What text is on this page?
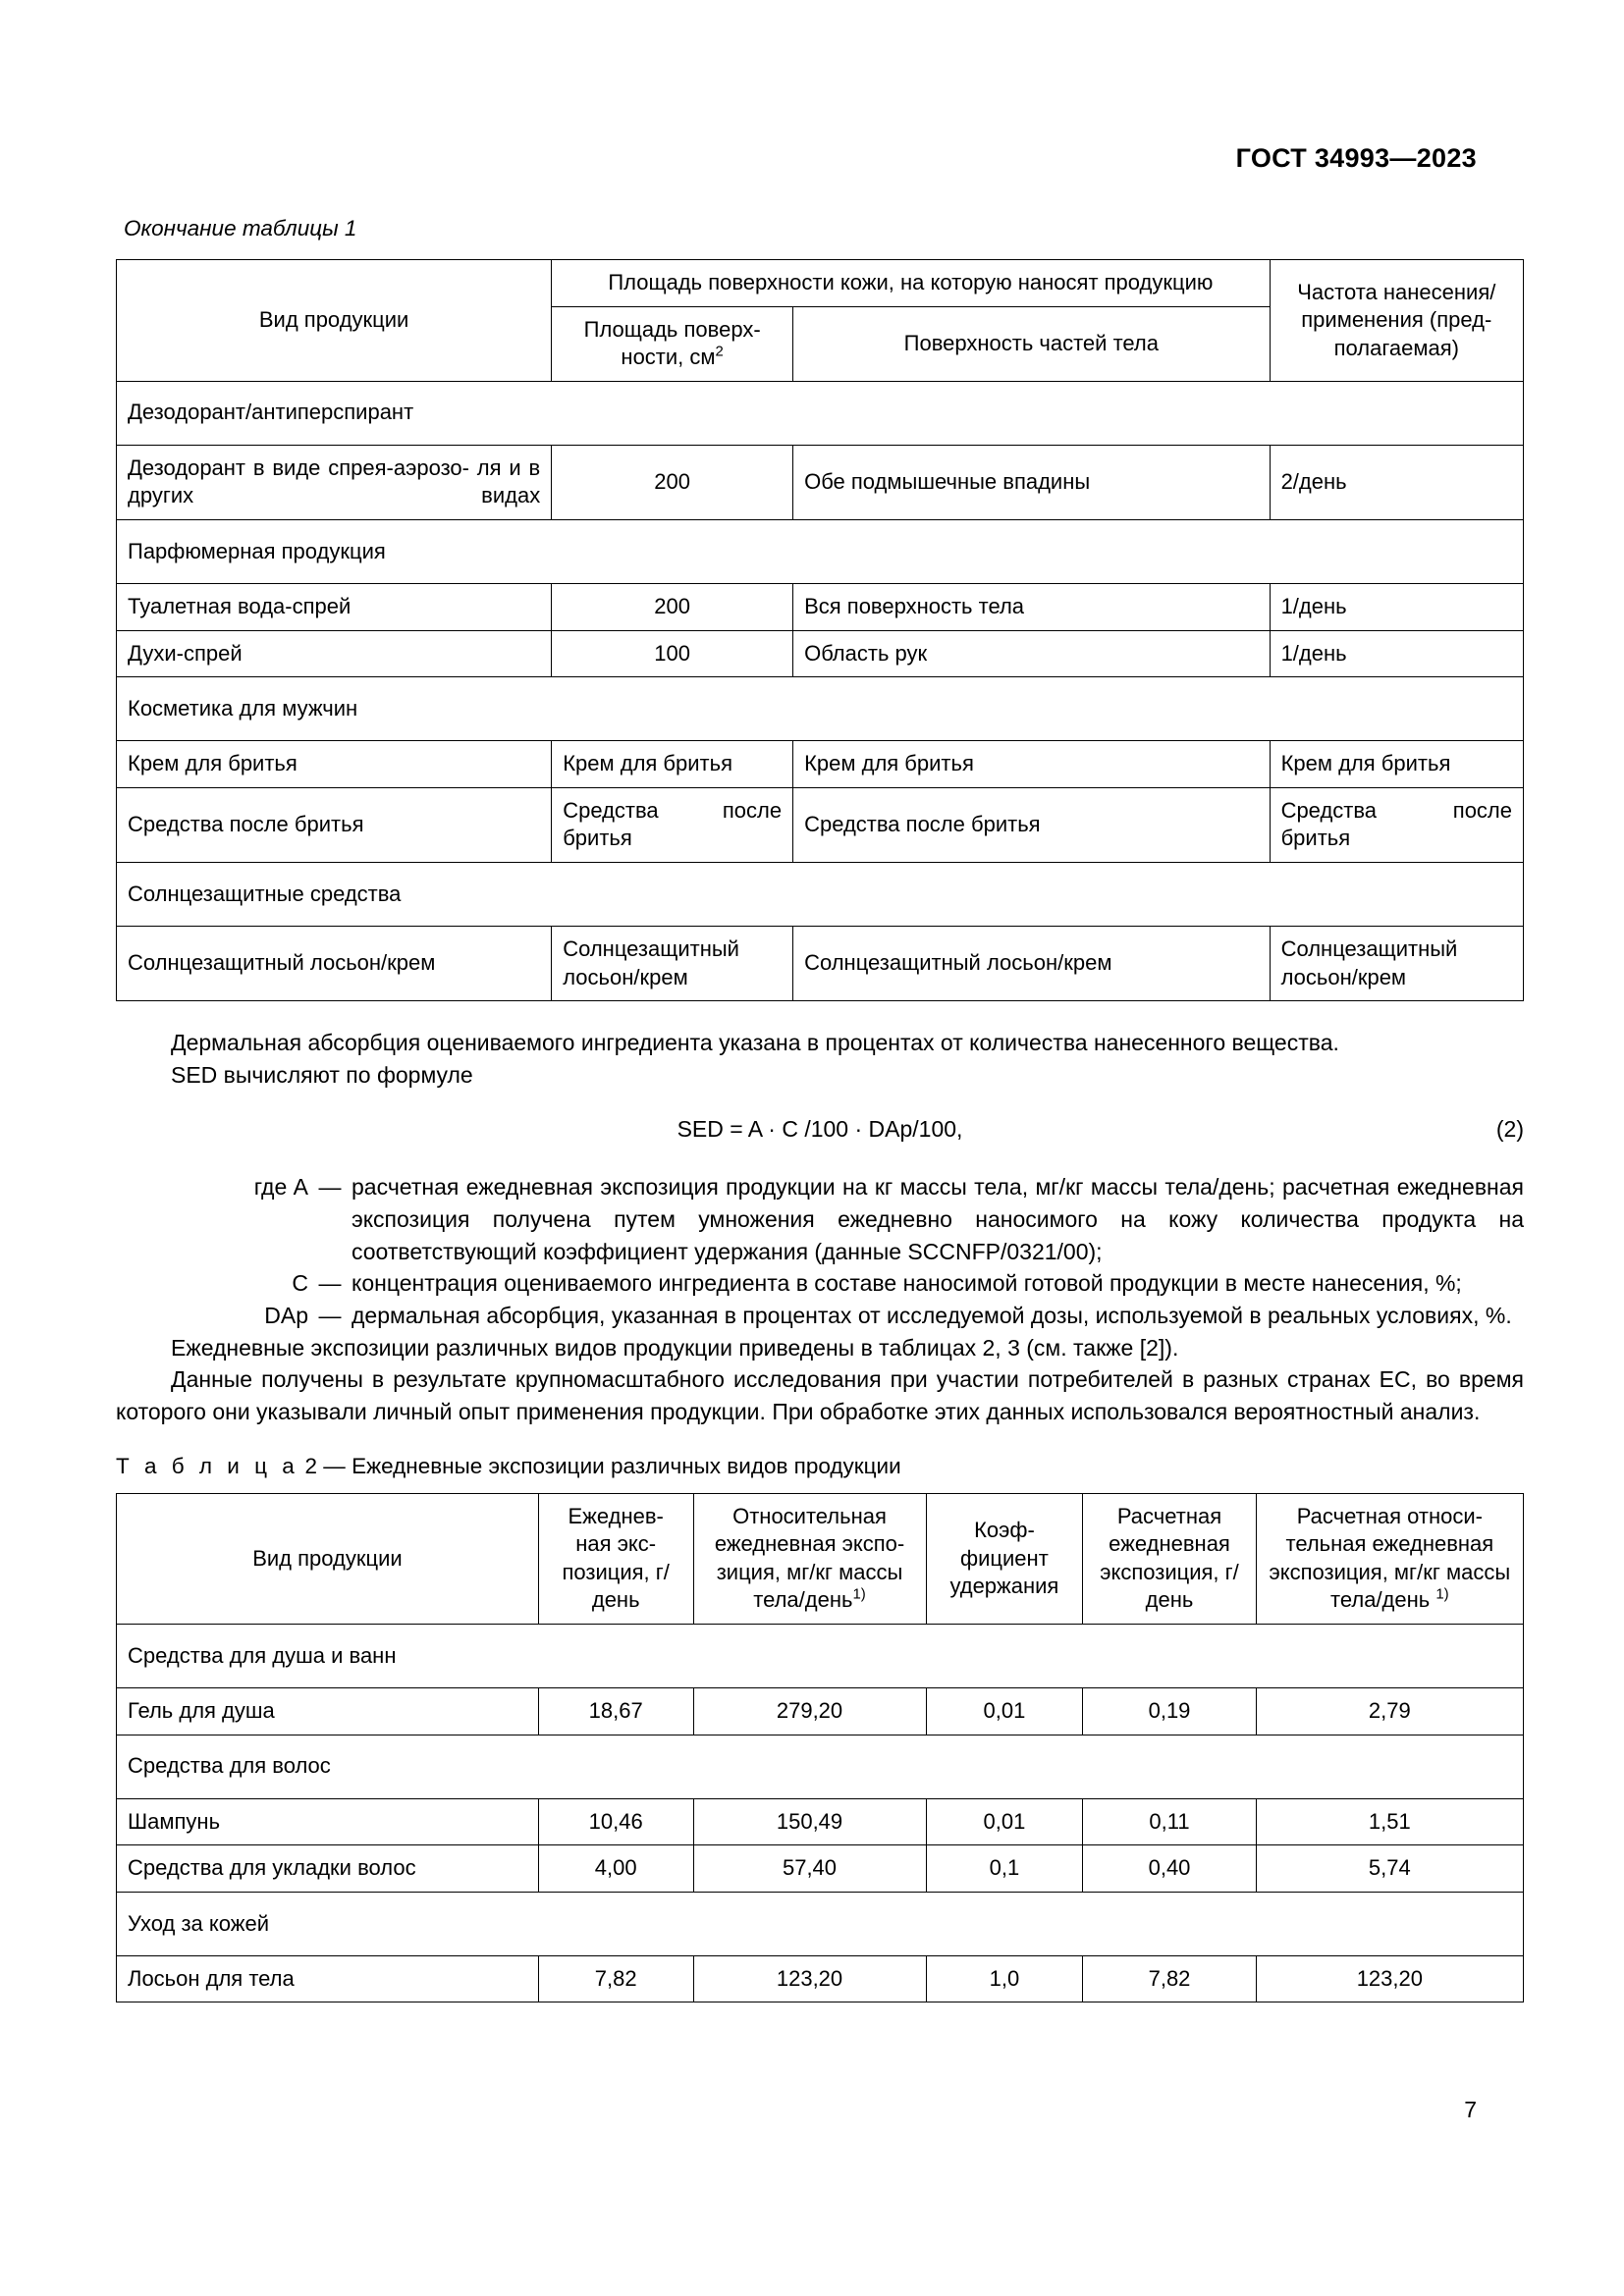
ГОСТ 34993—2023
Окончание таблицы 1
Вид продукции	Площадь поверхности кожи, на которую наносят продукцию		Частота нанесения/ применения (пред- полагаемая)
	Площадь поверх- ности, см$^2$	Поверхность частей тела	
Дезодорант/антиперспирант			
Дезодорант в виде спрея-аэрозо- ля и в других видах	200	Обе подмышечные впадины	2/день
Парфюмерная продукция			
Туалетная вода-спрей	200	Вся поверхность тела	1/день
Духи-спрей	100	Область рук	1/день
Косметика для мужчин			
Крем для бритья	Крем для бритья	Крем для бритья	Крем для бритья
Средства после бритья	Средства после бритья	Средства после бритья	Средства после бритья
Солнцезащитные средства			
Солнцезащитный лосьон/крем	Солнцезащитный лосьон/крем	Солнцезащитный лосьон/крем	Солнцезащитный лосьон/крем

Дермальная абсорбция оцениваемого ингредиента указана в процентах от количества нанесенного вещества.

SED вычисляют по формуле

SED = A · C /100 · DAp/100,	(2)
где A	—	расчетная ежедневная экспозиция продукции на кг массы тела, мг/кг массы тела/день; расчетная ежедневная экспозиция получена путем умножения ежедневно наносимого на кожу количества продукта на соответствующий коэффициент удержания (данные SCCNFP/0321/00);
C	—	концентрация оцениваемого ингредиента в составе наносимой готовой продукции в месте нанесения, %;
DAp	—	дермальная абсорбция, указанная в процентах от исследуемой дозы, используемой в реальных условиях, %.

Ежедневные экспозиции различных видов продукции приведены в таблицах 2, 3 (см. также [2]).

Данные получены в результате крупномасштабного исследования при участии потребителей в разных странах ЕС, во время которого они указывали личный опыт применения продукции. При обработке этих данных использовался вероятностный анализ.

Т а б л и ц а 2 — Ежедневные экспозиции различных видов продукции
Вид продукции	Ежеднев- ная экс- позиция, г/день	Относительная ежедневная экспо- зиция, мг/кг массы тела/день$^{1)}$	Коэф- фициент удержания	Расчетная ежедневная экспозиция, г/день	Расчетная относи- тельная ежедневная экспозиция, мг/кг массы тела/день $^{1)}$
Средства для душа и ванн					
Гель для душа	18,67	279,20	0,01	0,19	2,79
Средства для волос					
Шампунь	10,46	150,49	0,01	0,11	1,51
Средства для укладки волос	4,00	57,40	0,1	0,40	5,74
Уход за кожей					
Лосьон для тела	7,82	123,20	1,0	7,82	123,20
7
